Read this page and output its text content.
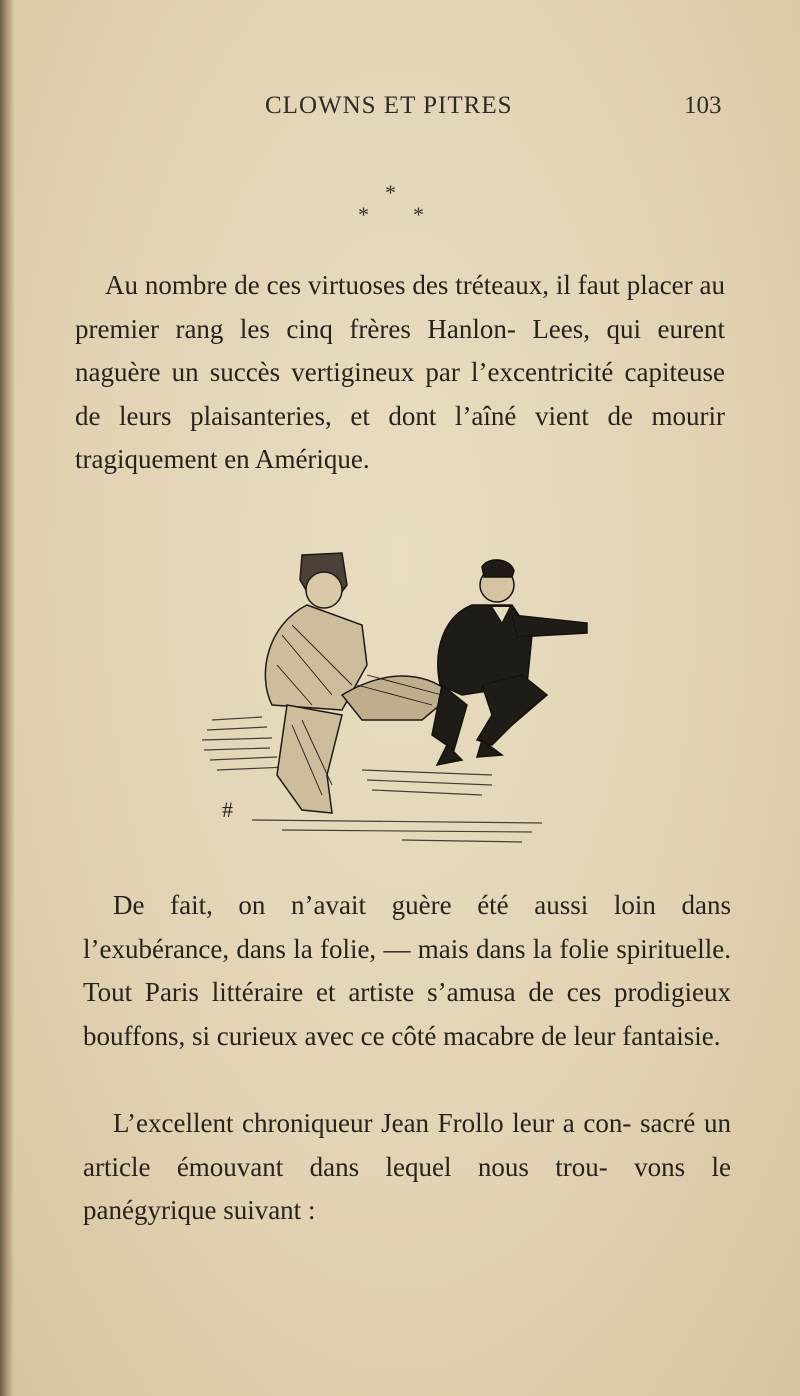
CLOWNS ET PITRES	103
*
* *

Au nombre de ces virtuoses des tréteaux, il faut placer au premier rang les cinq frères Hanlon- Lees, qui eurent naguère un succès vertigineux par l’excentricité capiteuse de leurs plaisanteries, et dont l’aîné vient de mourir tragiquement en Amérique.

#

De fait, on n’avait guère été aussi loin dans l’exubérance, dans la folie, — mais dans la folie spirituelle. Tout Paris littéraire et artiste s’amusa de ces prodigieux bouffons, si curieux avec ce côté macabre de leur fantaisie.

L’excellent chroniqueur Jean Frollo leur a con- sacré un article émouvant dans lequel nous trou- vons le panégyrique suivant :
